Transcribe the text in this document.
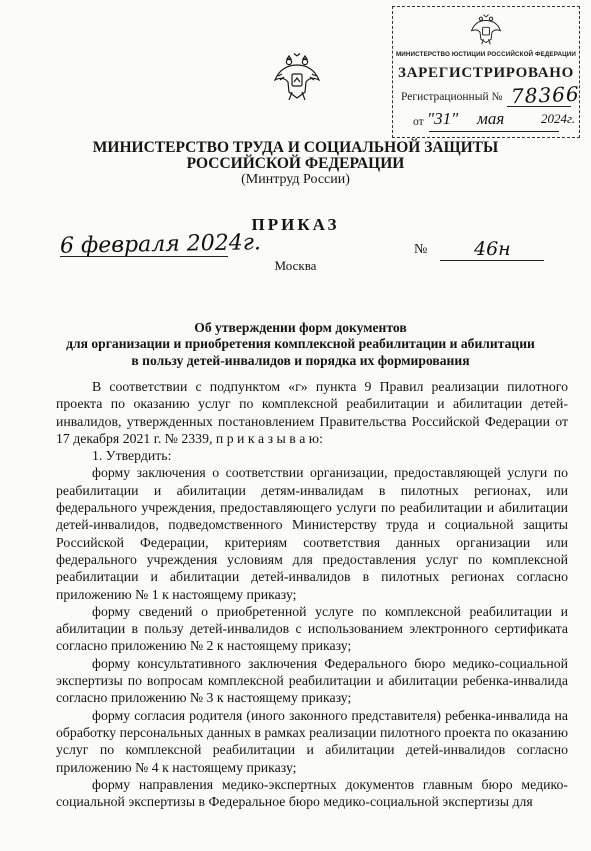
МИНИСТЕРСТВО ЮСТИЦИИ РОССИЙСКОЙ ФЕДЕРАЦИИ
ЗАРЕГИСТРИРОВАНО
Регистрационный № 78366
от "31" мая	2024г.
МИНИСТЕРСТВО ТРУДА И СОЦИАЛЬНОЙ ЗАЩИТЫ
РОССИЙСКОЙ ФЕДЕРАЦИИ
(Минтруд России)
ПРИКАЗ
6 февраля 2024г.	№ 46н
Москва
Об утверждении форм документов
для организации и приобретения комплексной реабилитации и абилитации
в пользу детей-инвалидов и порядка их формирования

В соответствии с подпунктом «г» пункта 9 Правил реализации пилотного проекта по оказанию услуг по комплексной реабилитации и абилитации детей-инвалидов, утвержденных постановлением Правительства Российской Федерации от 17 декабря 2021 г. № 2339, п р и к а з ы в а ю:

1. Утвердить:

форму заключения о соответствии организации, предоставляющей услуги по реабилитации и абилитации детям-инвалидам в пилотных регионах, или федерального учреждения, предоставляющего услуги по реабилитации и абилитации детей-инвалидов, подведомственного Министерству труда и социальной защиты Российской Федерации, критериям соответствия данных организации или федерального учреждения условиям для предоставления услуг по комплексной реабилитации и абилитации детей-инвалидов в пилотных регионах согласно приложению № 1 к настоящему приказу;

форму сведений о приобретенной услуге по комплексной реабилитации и абилитации в пользу детей-инвалидов с использованием электронного сертификата согласно приложению № 2 к настоящему приказу;

форму консультативного заключения Федерального бюро медико-социальной экспертизы по вопросам комплексной реабилитации и абилитации ребенка-инвалида согласно приложению № 3 к настоящему приказу;

форму согласия родителя (иного законного представителя) ребенка-инвалида на обработку персональных данных в рамках реализации пилотного проекта по оказанию услуг по комплексной реабилитации и абилитации детей-инвалидов согласно приложению № 4 к настоящему приказу;

форму направления медико-экспертных документов главным бюро медико-социальной экспертизы в Федеральное бюро медико-социальной экспертизы для
